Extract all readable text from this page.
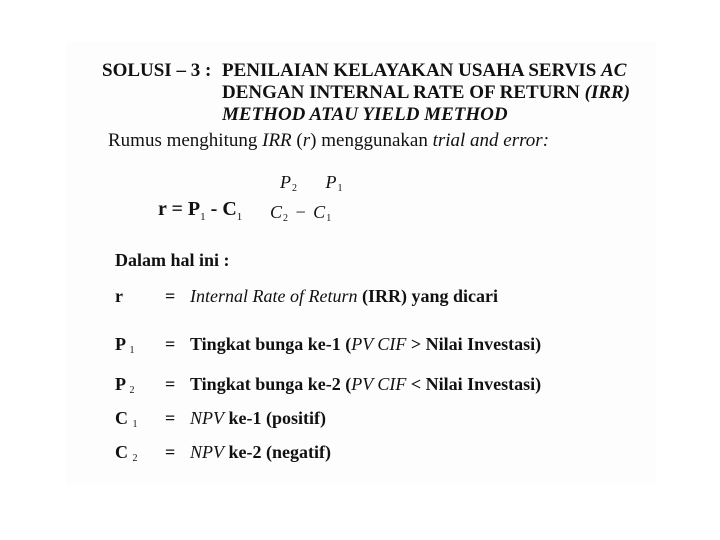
SOLUSI – 3 : PENILAIAN KELAYAKAN USAHA SERVIS AC
DENGAN INTERNAL RATE OF RETURN (IRR)
METHOD ATAU YIELD METHOD
Rumus menghitung IRR (r) menggunakan trial and error:
$r = P_1 - C_1$
$P_2$ $P_1$
$C_2 - C_1$
Dalam hal ini :
r = Internal Rate of Return (IRR) yang dicari
P $_1$ = Tingkat bunga ke-1 (PV CIF > Nilai Investasi)
P $_2$ = Tingkat bunga ke-2 (PV CIF < Nilai Investasi)
C $_1$ = NPV ke-1 (positif)
C $_2$ = NPV ke-2 (negatif)
